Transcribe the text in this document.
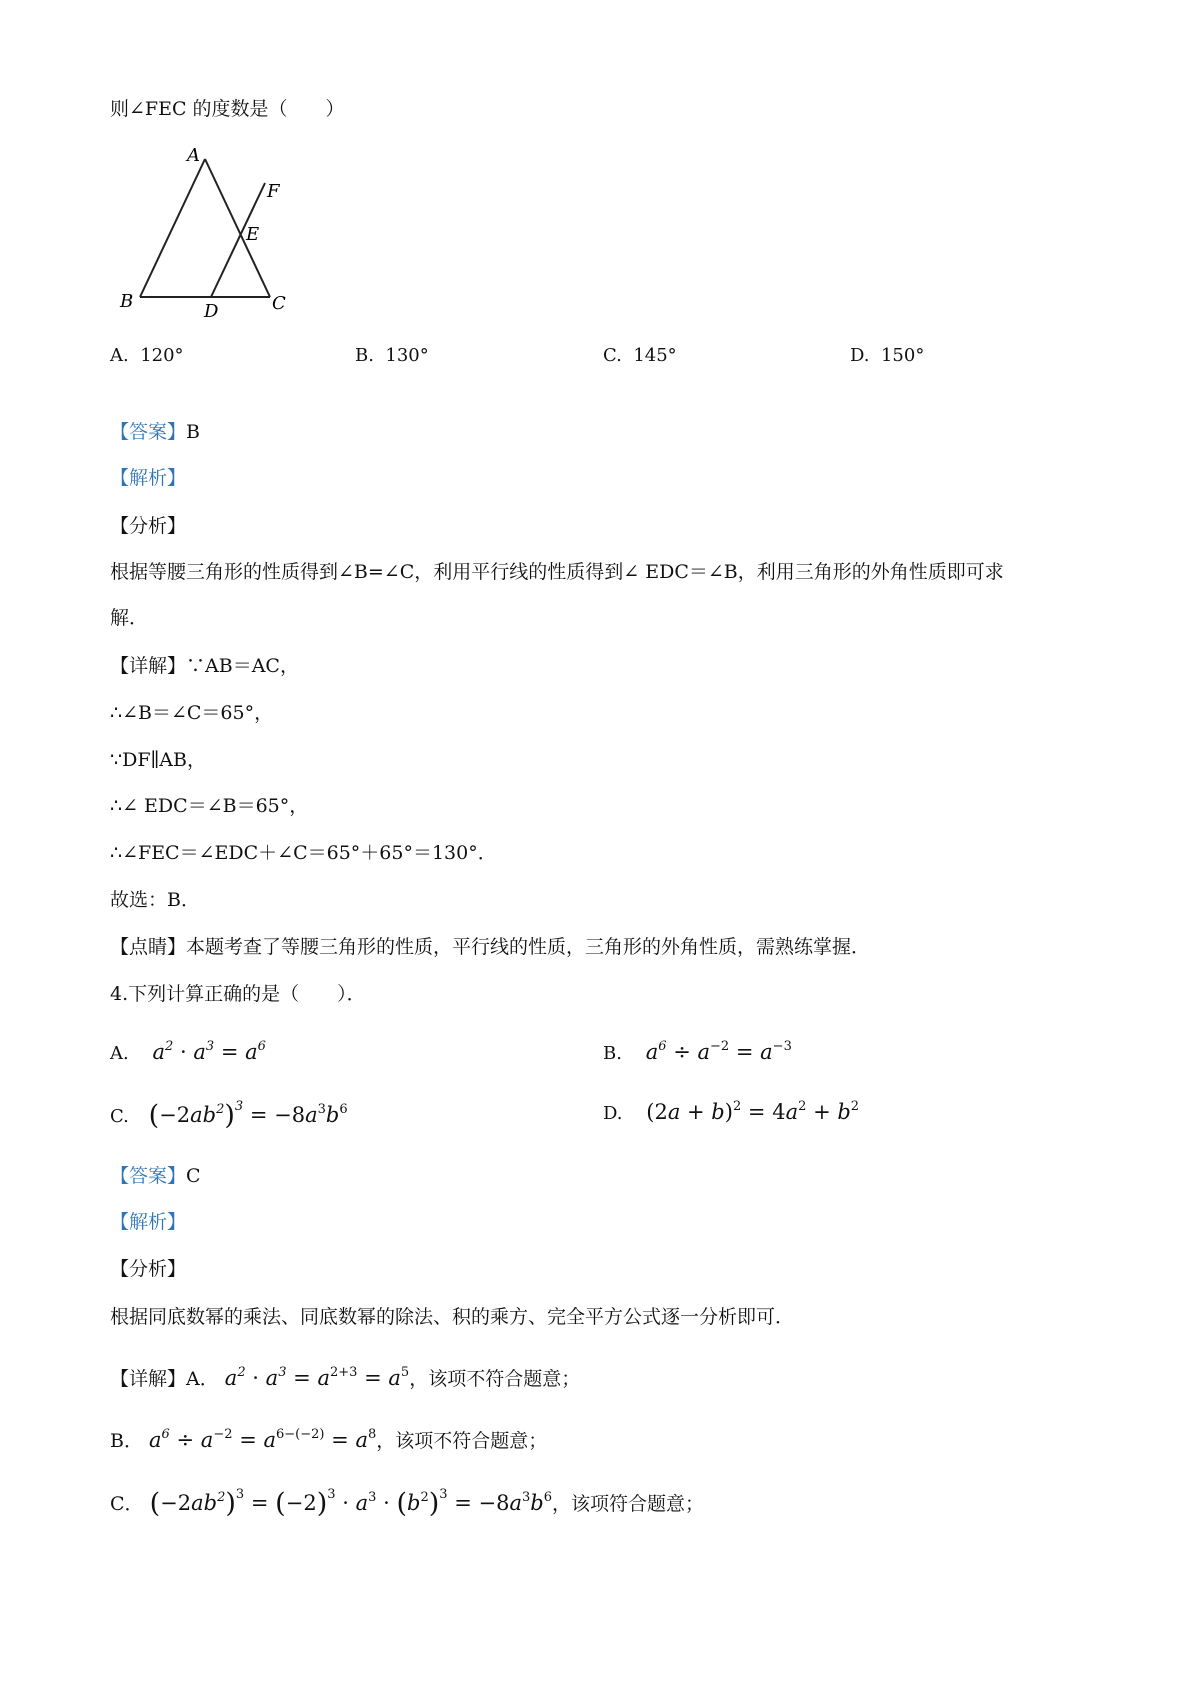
则∠FEC 的度数是（　　）
A
F
E
B	D	C
A. 120°	B. 130°	C. 145°	D. 150°
【答案】B
【解析】
【分析】
根据等腰三角形的性质得到∠B=∠C，利用平行线的性质得到∠ EDC＝∠B，利用三角形的外角性质即可求
解．
【详解】∵AB＝AC，
∴∠B＝∠C＝65°，
∵DF∥AB，
∴∠ EDC＝∠B＝65°，
∴∠FEC＝∠EDC＋∠C＝65°＋65°＝130°．
故选：B．
【点睛】本题考查了等腰三角形的性质，平行线的性质，三角形的外角性质，需熟练掌握．
4.下列计算正确的是（　　）．
A. $a^2 \cdot a^3 = a^6$	B. $a^6 \div a^{-2} = a^{-3}$
C. $(-2ab^2)^3 = -8a^3b^6$	D. $(2a + b)^2 = 4a^2 + b^2$
【答案】C
【解析】
【分析】
根据同底数幂的乘法、同底数幂的除法、积的乘方、完全平方公式逐一分析即可．
【详解】A． $a^2 \cdot a^3 = a^{2+3} = a^5$，该项不符合题意；
B． $a^6 \div a^{-2} = a^{6-(-2)} = a^8$，该项不符合题意；
C． $(-2ab^2)^3 = (-2)^3 \cdot a^3 \cdot (b^2)^3 = -8a^3b^6$，该项符合题意；
